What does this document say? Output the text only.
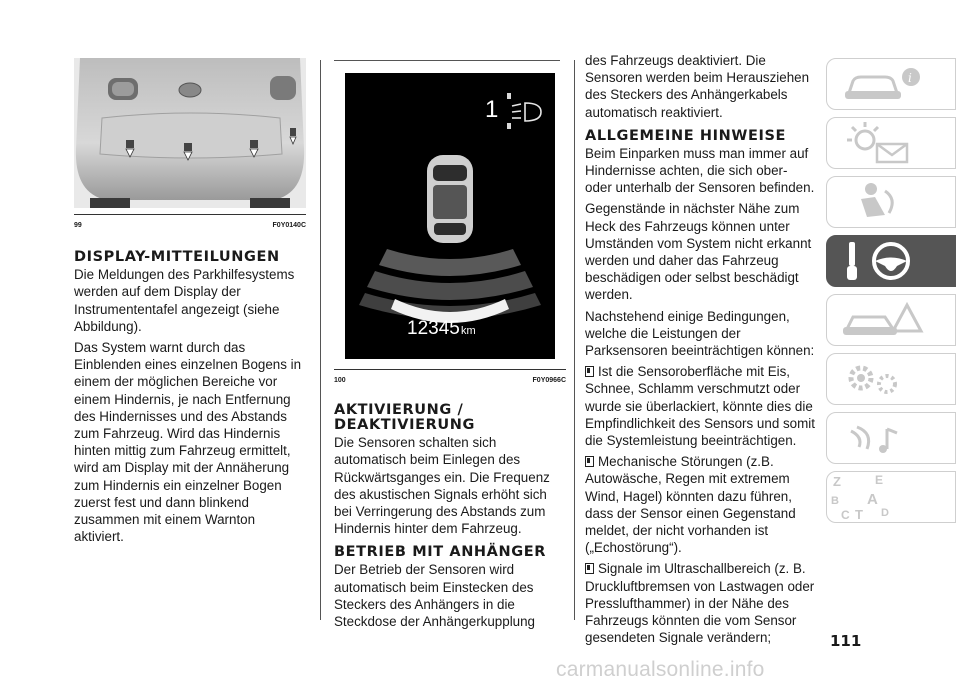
99	F0Y0140C
DISPLAY-MITTEILUNGEN

Die Meldungen des Parkhilfesystems werden auf dem Display der Instrumententafel angezeigt (siehe Abbildung).

Das System warnt durch das Einblenden eines einzelnen Bogens in einem der möglichen Bereiche vor einem Hindernis, je nach Entfernung des Hindernisses und des Abstands zum Fahrzeug. Wird das Hindernis hinten mittig zum Fahrzeug ermittelt, wird am Display mit der Annäherung zum Hindernis ein einzelner Bogen zuerst fest und dann blinkend zusammen mit einem Warnton aktiviert.

1
12345 km
100	F0Y0966C
AKTIVIERUNG / DEAKTIVIERUNG

Die Sensoren schalten sich automatisch beim Einlegen des Rückwärtsganges ein. Die Frequenz des akustischen Signals erhöht sich bei Verringerung des Abstands zum Hindernis hinter dem Fahrzeug.

BETRIEB MIT ANHÄNGER

Der Betrieb der Sensoren wird automatisch beim Einstecken des Steckers des Anhängers in die Steckdose der Anhängerkupplung

des Fahrzeugs deaktiviert. Die Sensoren werden beim Herausziehen des Steckers des Anhängerkabels automatisch reaktiviert.

ALLGEMEINE HINWEISE

Beim Einparken muss man immer auf Hindernisse achten, die sich ober- oder unterhalb der Sensoren befinden.

Gegenstände in nächster Nähe zum Heck des Fahrzeugs können unter Umständen vom System nicht erkannt werden und daher das Fahrzeug beschädigen oder selbst beschädigt werden.

Nachstehend einige Bedingungen, welche die Leistungen der Parksensoren beeinträchtigen können:

Ist die Sensoroberfläche mit Eis, Schnee, Schlamm verschmutzt oder wurde sie überlackiert, könnte dies die Empfindlichkeit des Sensors und somit die Systemleistung beeinträchtigen.

Mechanische Störungen (z.B. Autowäsche, Regen mit extremem Wind, Hagel) könnten dazu führen, dass der Sensor einen Gegenstand meldet, der nicht vorhanden ist („Echostörung“).

Signale im Ultraschallbereich (z. B. Druckluftbremsen von Lastwagen oder Presslufthammer) in der Nähe des Fahrzeugs könnten die vom Sensor gesendeten Signale verändern;

i
Z	E
B A
C T D
111
carmanualsonline.info
